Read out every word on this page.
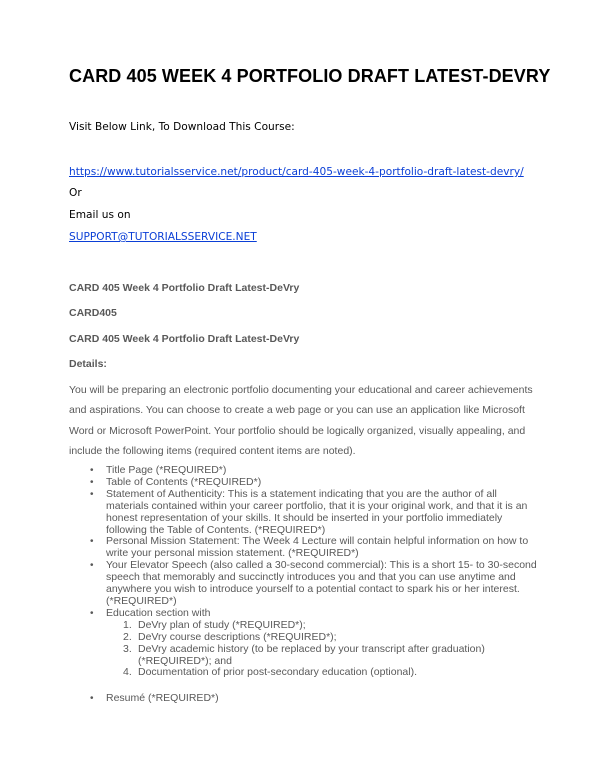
CARD 405 WEEK 4 PORTFOLIO DRAFT LATEST-DEVRY

Visit Below Link, To Download This Course:

https://www.tutorialsservice.net/product/card-405-week-4-portfolio-draft-latest-devry/

Or

Email us on

SUPPORT@TUTORIALSSERVICE.NET

CARD 405 Week 4 Portfolio Draft Latest-DeVry

CARD405

CARD 405 Week 4 Portfolio Draft Latest-DeVry

Details:

You will be preparing an electronic portfolio documenting your educational and career achievements and aspirations. You can choose to create a web page or you can use an application like Microsoft Word or Microsoft PowerPoint. Your portfolio should be logically organized, visually appealing, and include the following items (required content items are noted).

• Title Page (*REQUIRED*)
• Table of Contents (*REQUIRED*)
• Statement of Authenticity: This is a statement indicating that you are the author of all materials contained within your career portfolio, that it is your original work, and that it is an honest representation of your skills. It should be inserted in your portfolio immediately following the Table of Contents. (*REQUIRED*)
• Personal Mission Statement: The Week 4 Lecture will contain helpful information on how to write your personal mission statement. (*REQUIRED*)
• Your Elevator Speech (also called a 30-second commercial): This is a short 15- to 30-second speech that memorably and succinctly introduces you and that you can use anytime and anywhere you wish to introduce yourself to a potential contact to spark his or her interest. (*REQUIRED*)
• Education section with
1. DeVry plan of study (*REQUIRED*);
2. DeVry course descriptions (*REQUIRED*);
3. DeVry academic history (to be replaced by your transcript after graduation) (*REQUIRED*); and
4. Documentation of prior post-secondary education (optional).
• Resumé (*REQUIRED*)
